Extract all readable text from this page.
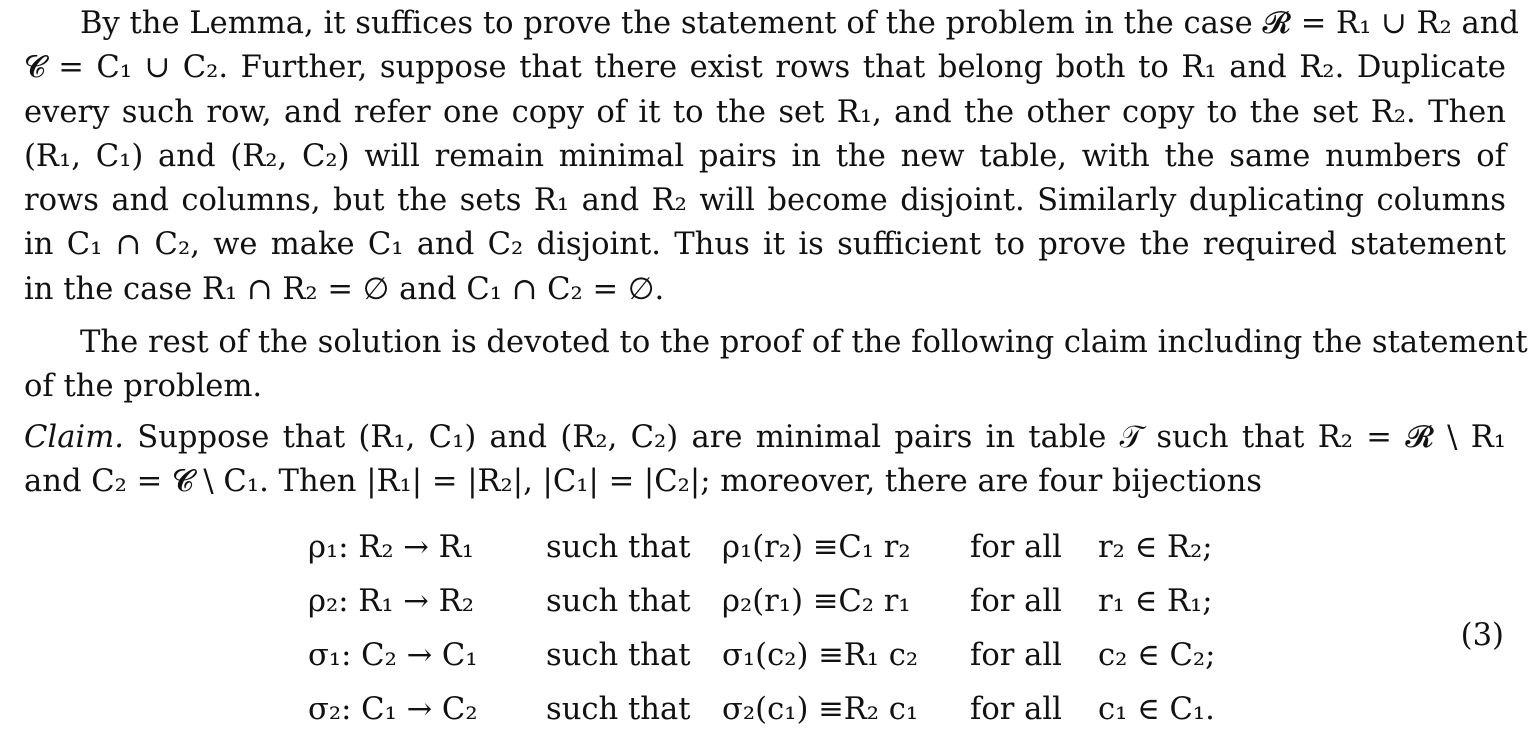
By the Lemma, it suffices to prove the statement of the problem in the case 𝓡 = R₁ ∪ R₂ and
𝓒 = C₁ ∪ C₂. Further, suppose that there exist rows that belong both to R₁ and R₂. Duplicate
every such row, and refer one copy of it to the set R₁, and the other copy to the set R₂. Then
(R₁, C₁) and (R₂, C₂) will remain minimal pairs in the new table, with the same numbers of
rows and columns, but the sets R₁ and R₂ will become disjoint. Similarly duplicating columns
in C₁ ∩ C₂, we make C₁ and C₂ disjoint. Thus it is sufficient to prove the required statement
in the case R₁ ∩ R₂ = ∅ and C₁ ∩ C₂ = ∅.

The rest of the solution is devoted to the proof of the following claim including the statement
of the problem.

Claim. Suppose that (R₁, C₁) and (R₂, C₂) are minimal pairs in table 𝒯 such that R₂ = 𝓡 \ R₁
and C₂ = 𝓒 \ C₁. Then |R₁| = |R₂|, |C₁| = |C₂|; moreover, there are four bijections

ρ₁: R₂ → R₁ such that ρ₁(r₂) ≡C₁ r₂ for all r₂ ∈ R₂;
ρ₂: R₁ → R₂ such that ρ₂(r₁) ≡C₂ r₁ for all r₁ ∈ R₁;
σ₁: C₂ → C₁ such that σ₁(c₂) ≡R₁ c₂ for all c₂ ∈ C₂;
σ₂: C₁ → C₂ such that σ₂(c₁) ≡R₂ c₁ for all c₁ ∈ C₁.
(3)
